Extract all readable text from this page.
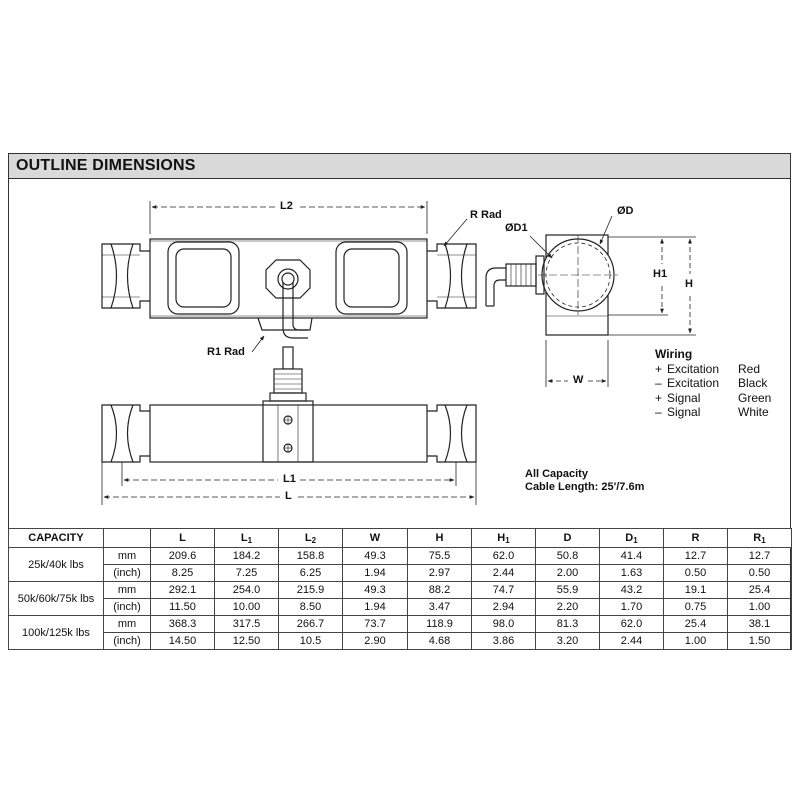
OUTLINE DIMENSIONS
L2
R Rad
R1 Rad
ØD1
ØD
H1
H
W
L1
L
Wiring
+ Excitation	Red
– Excitation	Black
+ Signal	Green
– Signal	White
All Capacity
Cable Length: 25'/7.6m
CAPACITY		L	$L_1$	$L_2$	W	H	$H_1$	D	$D_1$	R	$R_1$
25k/40k lbs	mm	209.6	184.2	158.8	49.3	75.5	62.0	50.8	41.4	12.7	12.7
	(inch)	8.25	7.25	6.25	1.94	2.97	2.44	2.00	1.63	0.50	0.50
50k/60k/75k lbs	mm	292.1	254.0	215.9	49.3	88.2	74.7	55.9	43.2	19.1	25.4
	(inch)	11.50	10.00	8.50	1.94	3.47	2.94	2.20	1.70	0.75	1.00
100k/125k lbs	mm	368.3	317.5	266.7	73.7	118.9	98.0	81.3	62.0	25.4	38.1
	(inch)	14.50	12.50	10.5	2.90	4.68	3.86	3.20	2.44	1.00	1.50
